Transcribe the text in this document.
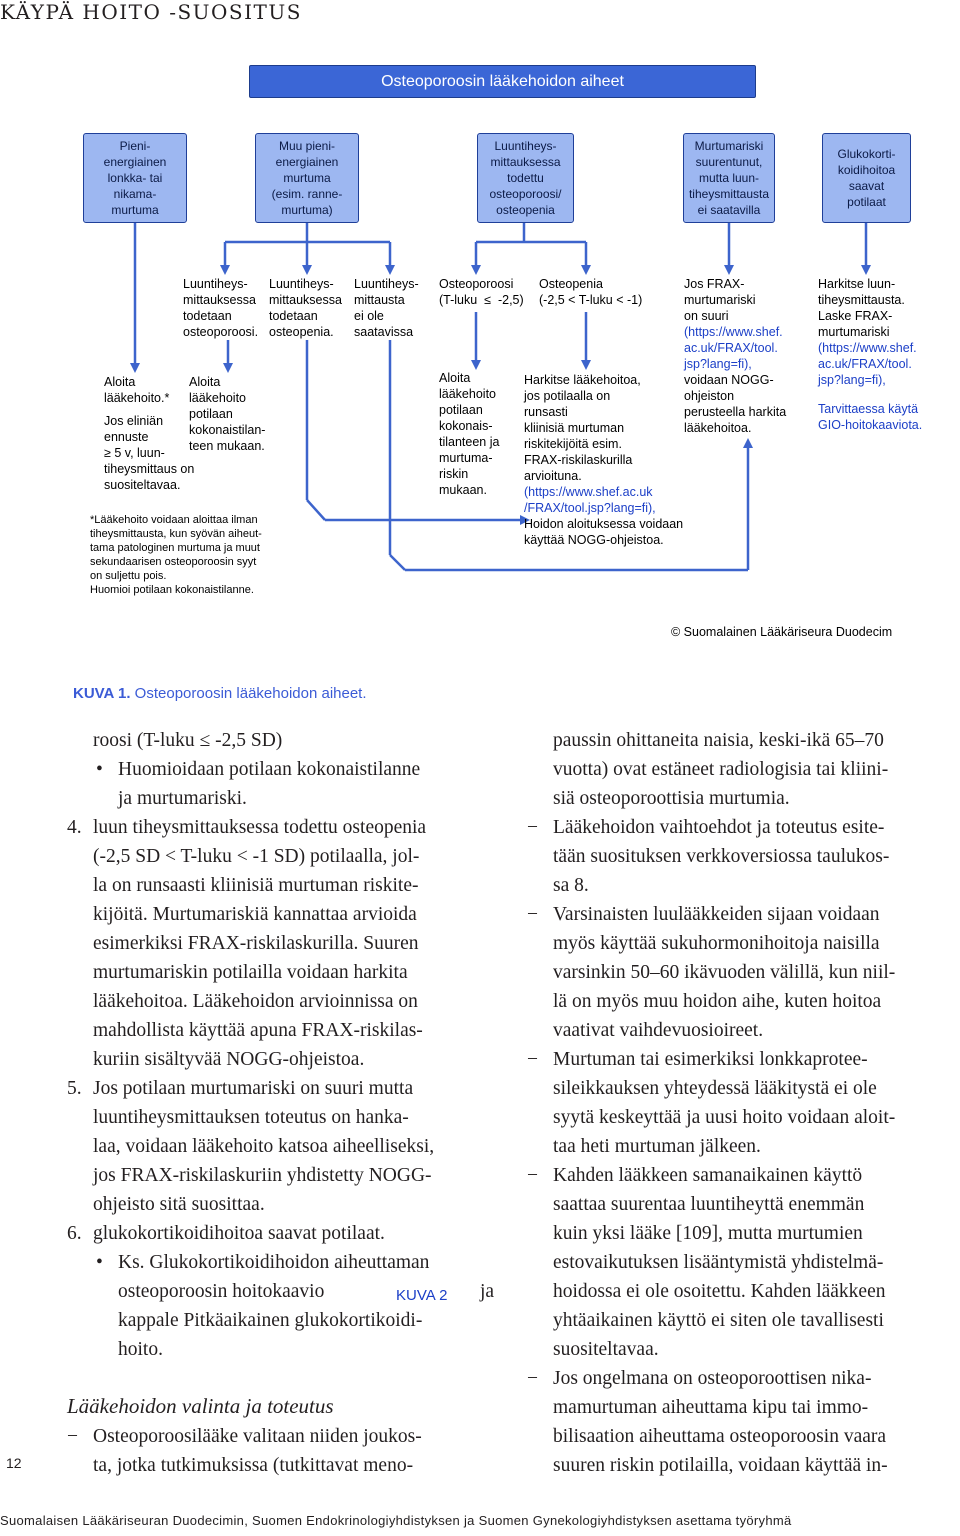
KÄYPÄ HOITO -SUOSITUS
Osteoporoosin lääkehoidon aiheet
Pieni-
energiainen
lonkka- tai
nikama-
murtuma
Muu pieni-
energiainen
murtuma
(esim. ranne-
murtuma)
Luuntiheys-
mittauksessa
todettu
osteoporoosi/
osteopenia
Murtumariski
suurentunut,
mutta luun-
tiheysmittausta
ei saatavilla
Glukokorti-
koidihoitoa
saavat
potilaat
Aloita
lääkehoito.*
Jos eliniän
ennuste
≥ 5 v, luun-
tiheysmittaus on
suositeltavaa.
Luuntiheys-
mittauksessa
todetaan
osteoporoosi.
Luuntiheys-
mittauksessa
todetaan
osteopenia.
Luuntiheys-
mittausta
ei ole
saatavissa
Aloita
lääkehoito
potilaan
kokonaistilan-
teen mukaan.
Osteoporoosi
(T-luku  ≤  -2,5)
Osteopenia
(-2,5 < T-luku < -1)
Aloita
lääkehoito
potilaan
kokonais-
tilanteen ja
murtuma-
riskin
mukaan.
Harkitse lääkehoitoa,
jos potilaalla on
runsasti
kliinisiä murtuman
riskitekijöitä esim.
FRAX-riskilaskurilla
arvioituna.
(https://www.shef.ac.uk
/FRAX/tool.jsp?lang=fi),
Hoidon aloituksessa voidaan
käyttää NOGG-ohjeistoa.
Jos FRAX-
murtumariski
on suuri
(https://www.shef.
ac.uk/FRAX/tool.
jsp?lang=fi),
voidaan NOGG-
ohjeiston
perusteella harkita
lääkehoitoa.
Harkitse luun-
tiheysmittausta.
Laske FRAX-
murtumariski
(https://www.shef.
ac.uk/FRAX/tool.
jsp?lang=fi),
Tarvittaessa käytä
GIO-hoitokaaviota.
*Lääkehoito voidaan aloittaa ilman
tiheysmittausta, kun syövän aiheut-
tama patologinen murtuma ja muut
sekundaarisen osteoporoosin syyt
on suljettu pois.
Huomioi potilaan kokonaistilanne.
© Suomalainen Lääkäriseura Duodecim
KUVA 1. Osteoporoosin lääkehoidon aiheet.
roosi (T-luku ≤ -2,5 SD)
• Huomioidaan potilaan kokonaistilanne
ja murtumariski.
4. luun tiheysmittauksessa todettu osteopenia
(-2,5 SD < T-luku < -1 SD) potilaalla, jol-
la on runsaasti kliinisiä murtuman riskite-
kijöitä. Murtumariskiä kannattaa arvioida
esimerkiksi FRAX-riskilaskurilla. Suuren
murtumariskin potilailla voidaan harkita
lääkehoitoa. Lääkehoidon arvioinnissa on
mahdollista käyttää apuna FRAX-riskilas-
kuriin sisältyvää NOGG-ohjeistoa.
5. Jos potilaan murtumariski on suuri mutta
luuntiheysmittauksen toteutus on hanka-
laa, voidaan lääkehoito katsoa aiheelliseksi,
jos FRAX-riskilaskuriin yhdistetty NOGG-
ohjeisto sitä suosittaa.
6. glukokortikoidihoitoa saavat potilaat.
• Ks. Glukokortikoidihoidon aiheuttaman
osteoporoosin hoitokaavio	KUVA 2 ja
kappale Pitkäaikainen glukokortikoidi-
hoito.
Lääkehoidon valinta ja toteutus
− Osteoporoosilääke valitaan niiden joukos-
ta, jotka tutkimuksissa (tutkittavat meno-
paussin ohittaneita naisia, keski-ikä 65–70
vuotta) ovat estäneet radiologisia tai kliini-
siä osteoporoottisia murtumia.
− Lääkehoidon vaihtoehdot ja toteutus esite-
tään suosituksen verkkoversiossa taulukos-
sa 8.
− Varsinaisten luulääkkeiden sijaan voidaan
myös käyttää sukuhormonihoitoja naisilla
varsinkin 50–60 ikävuoden välillä, kun niil-
lä on myös muu hoidon aihe, kuten hoitoa
vaativat vaihdevuosioireet.
− Murtuman tai esimerkiksi lonkkaprotee-
sileikkauksen yhteydessä lääkitystä ei ole
syytä keskeyttää ja uusi hoito voidaan aloit-
taa heti murtuman jälkeen.
− Kahden lääkkeen samanaikainen käyttö
saattaa suurentaa luuntiheyttä enemmän
kuin yksi lääke [109], mutta murtumien
estovaikutuksen lisääntymistä yhdistelmä-
hoidossa ei ole osoitettu. Kahden lääkkeen
yhtäaikainen käyttö ei siten ole tavallisesti
suositeltavaa.
− Jos ongelmana on osteoporoottisen nika-
mamurtuman aiheuttama kipu tai immo-
bilisaation aiheuttama osteoporoosin vaara
suuren riskin potilailla, voidaan käyttää in-
12
Suomalaisen Lääkäriseuran Duodecimin, Suomen Endokrinologiyhdistyksen ja Suomen Gynekologiyhdistyksen asettama työryhmä
